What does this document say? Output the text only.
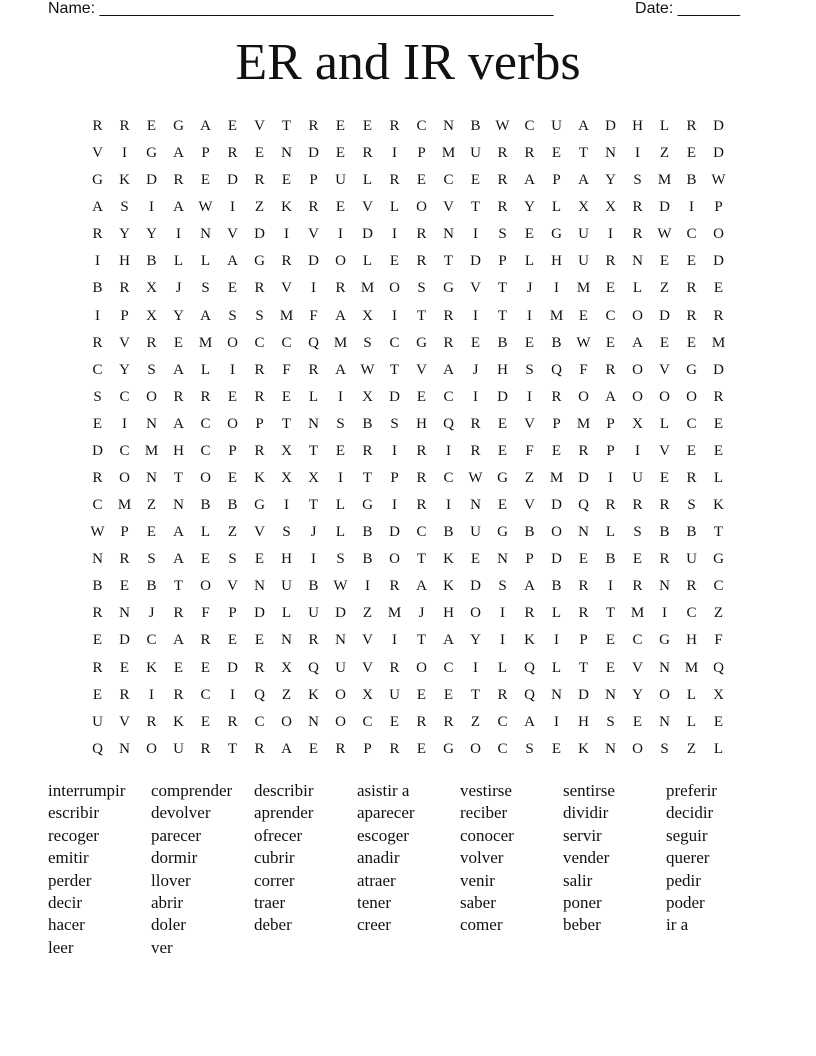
Name: ___________________________________________________	Date: _______
ER and IR verbs
R	R	E	G	A	E	V	T	R	E	E	R	C	N	B W C	U	A	D	H	L	R	D
V	I	G	A	P	R	E	N	D	E	R	I	P	M U	R	R	E	T	N	I	Z	E	D
G	K	D	R	E	D	R	E	P	U	L	R	E	C	E	R	A	P	A	Y	S	M	B W
A	S	I	A W	I	Z	K	R	E	V	L	O	V	T	R	Y	L	X	X	R	D	I	P
R	Y	Y	I	N	V	D	I	V	I	D	I	R	N	I	S	E	G	U	I	R W C	O
I	H	B	L	L	A	G	R	D	O	L	E	R	T	D	P	L	H	U	R	N	E	E	D
B	R	X	J	S	E	R	V	I	R	M O	S	G	V	T	J	I	M	E	L	Z	R	E
I	P	X	Y	A	S	S	M	F	A	X	I	T	R	I	T	I	M	E	C	O	D	R	R
R	V	R	E	M O	C	C	Q M	S	C	G	R	E	B	E	B W	E	A	E	E	M
C	Y	S	A	L	I	R	F	R	A W	T	V	A	J	H	S	Q	F	R	O	V	G	D
S	C	O	R	R	E	R	E	L	I	X	D	E	C	I	D	I	R	O	A	O	O	O	R
E	I	N	A	C	O	P	T	N	S	B	S	H	Q	R	E	V	P	M	P	X	L	C	E
D	C	M H	C	P	R	X	T	E	R	I	R	I	R	E	F	E	R	P	I	V	E	E
R	O	N	T	O	E	K	X	X	I	T	P	R	C W G	Z	M D	I	U	E	R	L
C	M	Z	N	B	B	G	I	T	L	G	I	R	I	N	E	V	D	Q	R	R	R	S	K
W	P	E	A	L	Z	V	S	J	L	B	D	C	B	U	G	B	O	N	L	S	B	B	T
N	R	S	A	E	S	E	H	I	S	B	O	T	K	E	N	P	D	E	B	E	R	U	G
B	E	B	T	O	V	N	U	B W	I	R	A	K	D	S	A	B	R	I	R	N	R	C
R	N	J	R	F	P	D	L	U	D	Z	M	J	H	O	I	R	L	R	T	M	I	C	Z
E	D	C	A	R	E	E	N	R	N	V	I	T	A	Y	I	K	I	P	E	C	G	H	F
R	E	K	E	E	D	R	X	Q	U	V	R	O	C	I	L	Q	L	T	E	V	N M Q
E	R	I	R	C	I	Q	Z	K	O	X	U	E	E	T	R	Q	N	D	N	Y	O	L	X
U	V	R	K	E	R	C	O	N	O	C	E	R	R	Z	C	A	I	H	S	E	N	L	E
Q	N	O	U	R	T	R	A	E	R	P	R	E	G	O	C	S	E	K	N	O	S	Z	L
interrumpir	comprender	describir	asistir a	vestirse	sentirse	preferir
escribir	devolver	aprender	aparecer	reciber	dividir	decidir
recoger	parecer	ofrecer	escoger	conocer	servir	seguir
emitir	dormir	cubrir	anadir	volver	vender	querer
perder	llover	correr	atraer	venir	salir	pedir
decir	abrir	traer	tener	saber	poner	poder
hacer	doler	deber	creer	comer	beber	ir a
leer	ver
